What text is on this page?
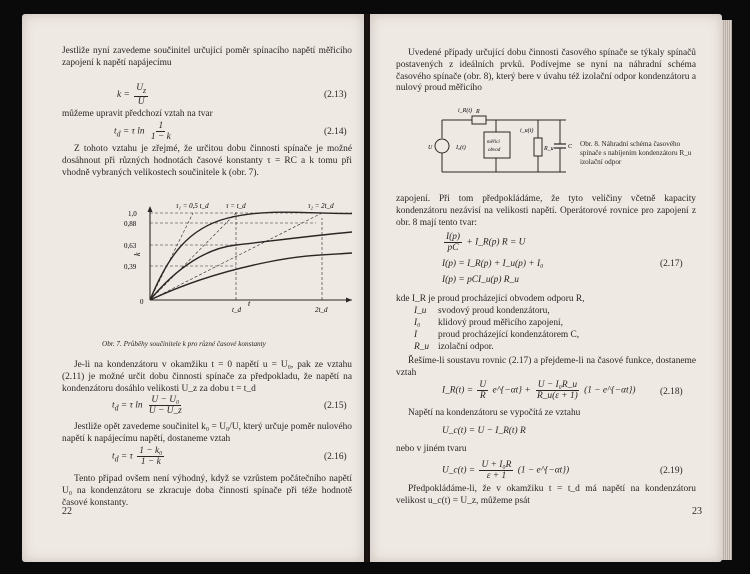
Jestliže nyní zavedeme součinitel určující poměr spínacího napětí měřicího zapojení k napětí napájecímu
$k = \frac{U_z}{U}$	(2.13)
můžeme upravit předchozí vztah na tvar
$t_d = \tau$ $\ln \frac{1}{1 - k}$	(2.14)
Z tohoto vztahu je zřejmé, že určitou dobu činnosti spínače je možné dosáhnout při různých hodnotách časové konstanty τ = RC a k tomu při vhodně vybraných velikostech součinitele k (obr. 7).
1,0
0,88
0,63
0,39
0
k
τ₁ = 0,5 t_d τ = t_d	τ₂ = 2t_d
t_d	2t_d
t
Obr. 7. Průběhy součinitele k pro různé časové konstanty
Je-li na kondenzátoru v okamžiku t = 0 napětí u = U₀, pak ze vztahu (2.11) je možné určit dobu činnosti spínače za předpokladu, že napětí na kondenzátoru dosáhlo velikosti U_z za dobu t = t_d
$t_d = \tau$ $\ln \frac{\text{U − U₀}}{U - U\_z}$	(2.15)
Jestliže opět zavedeme součinitel k₀ = U₀/U, který určuje poměr nulového napětí k napájecímu napětí, dostaneme vztah
$t_d = \tau \frac{\text{1 − k₀}}{1 - k}$	(2.16)
Tento případ ovšem není výhodný, když se vzrůstem počátečního napětí U₀ na kondenzátoru se zkracuje doba činnosti spínače při téže hodnotě časové konstanty.
22
Uvedené případy určující dobu činnosti časového spínače se týkaly spínačů postavených z ideálních prvků. Podívejme se nyní na náhradní schéma časového spínače (obr. 8), který bere v úvahu též izolační odpor kondenzátoru a nulový proud měřicího
i_R(t) R
U	I₀(t)
měřicí
obvod
i_u(t)
C
R_u
Obr. 8. Náhradní schéma časového spínače s nabíjením kondenzátoru R_u izolační odpor
zapojení. Při tom předpokládáme, že tyto veličiny včetně kapacity kondenzátoru nezávisí na velikosti napětí. Operátorové rovnice pro zapojení z obr. 8 mají tento tvar:
$\frac{I(p)}{pC}$ + I_R(p) R = U
I(p) = I_R(p) + I_u(p) + I₀	(2.17)
I(p) = pCI_u(p) R_u
kde I_R je proud procházející obvodem odporu R,
I_u svodový proud kondenzátoru,
I₀ klidový proud měřicího zapojení,
I proud procházející kondenzátorem C,
R_u izolační odpor.
Řešíme-li soustavu rovnic (2.17) a přejdeme-li na časové funkce, dostaneme vztah
I_R(t) = $\frac{U}{R}$ e^{−αt} + $\frac{\text{U − I₀R\_u}}{R\_u(\varepsilon + 1)} (1$ − e^{−αt})	(2.18)
Napětí na kondenzátoru se vypočítá ze vztahu
U_c(t) = U − I_R(t) R
nebo v jiném tvaru
U_c(t) = $\frac{\text{U + I₀R}}{\varepsilon + 1} (1$ − e^{−αt})	(2.19)
Předpokládáme-li, že v okamžiku t = t_d má napětí na kondenzátoru velikost u_c(t) = U_z, můžeme psát
23
